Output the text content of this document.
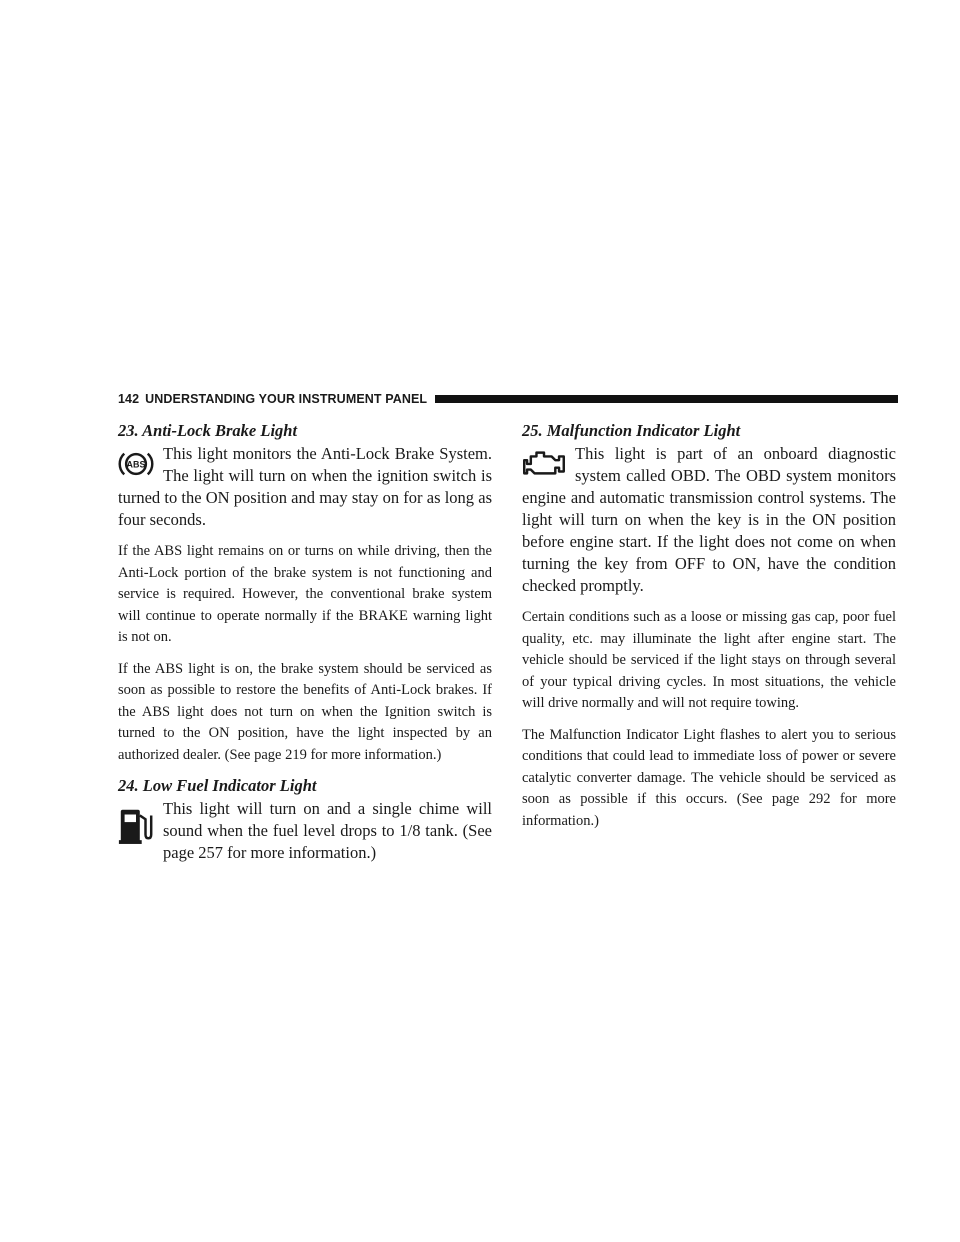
142 UNDERSTANDING YOUR INSTRUMENT PANEL

23. Anti-Lock Brake Light

ABS
This light monitors the Anti-Lock Brake System. The light will turn on when the ignition switch is turned to the ON position and may stay on for as long as four seconds.

If the ABS light remains on or turns on while driving, then the Anti-Lock portion of the brake system is not functioning and service is required. However, the conventional brake system will continue to operate normally if the BRAKE warning light is not on.

If the ABS light is on, the brake system should be serviced as soon as possible to restore the benefits of Anti-Lock brakes. If the ABS light does not turn on when the Ignition switch is turned to the ON position, have the light inspected by an authorized dealer. (See page 219 for more information.)

24. Low Fuel Indicator Light

This light will turn on and a single chime will sound when the fuel level drops to 1/8 tank. (See page 257 for more information.)

25. Malfunction Indicator Light

This light is part of an onboard diagnostic system called OBD. The OBD system monitors engine and automatic transmission control systems. The light will turn on when the key is in the ON position before engine start. If the light does not come on when turning the key from OFF to ON, have the condition checked promptly.

Certain conditions such as a loose or missing gas cap, poor fuel quality, etc. may illuminate the light after engine start. The vehicle should be serviced if the light stays on through several of your typical driving cycles. In most situations, the vehicle will drive normally and will not require towing.

The Malfunction Indicator Light flashes to alert you to serious conditions that could lead to immediate loss of power or severe catalytic converter damage. The vehicle should be serviced as soon as possible if this occurs. (See page 292 for more information.)
